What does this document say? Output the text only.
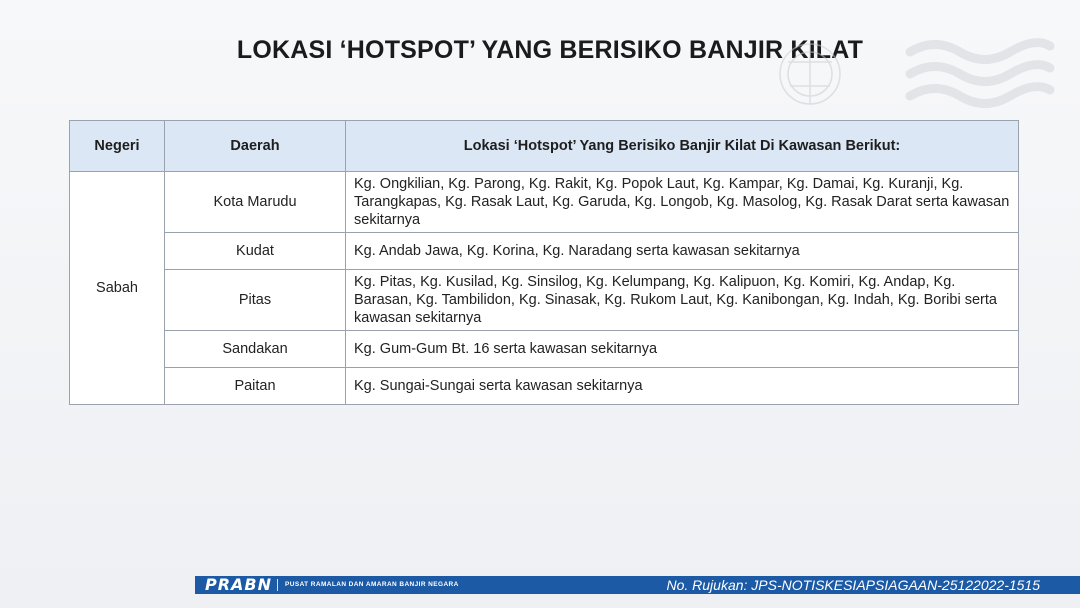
LOKASI ‘HOTSPOT’ YANG BERISIKO BANJIR KILAT
Negeri	Daerah	Lokasi ‘Hotspot’ Yang Berisiko Banjir Kilat Di Kawasan Berikut:
Sabah	Kota Marudu	Kg. Ongkilian, Kg. Parong, Kg. Rakit, Kg. Popok Laut, Kg. Kampar, Kg. Damai, Kg. Kuranji, Kg. Tarangkapas, Kg. Rasak Laut, Kg. Garuda, Kg. Longob, Kg. Masolog, Kg. Rasak Darat serta kawasan sekitarnya
	Kudat	Kg. Andab Jawa, Kg. Korina, Kg. Naradang serta kawasan sekitarnya
	Pitas	Kg. Pitas, Kg. Kusilad, Kg. Sinsilog, Kg. Kelumpang, Kg. Kalipuon, Kg. Komiri, Kg. Andap, Kg. Barasan, Kg. Tambilidon, Kg. Sinasak, Kg. Rukom Laut, Kg. Kanibongan, Kg. Indah, Kg. Boribi serta kawasan sekitarnya
	Sandakan	Kg. Gum-Gum Bt. 16 serta kawasan sekitarnya
	Paitan	Kg. Sungai-Sungai serta kawasan sekitarnya
PRABN PUSAT RAMALAN DAN AMARAN BANJIR NEGARA	No. Rujukan: JPS-NOTISKESIAPSIAGAAN-25122022-1515
